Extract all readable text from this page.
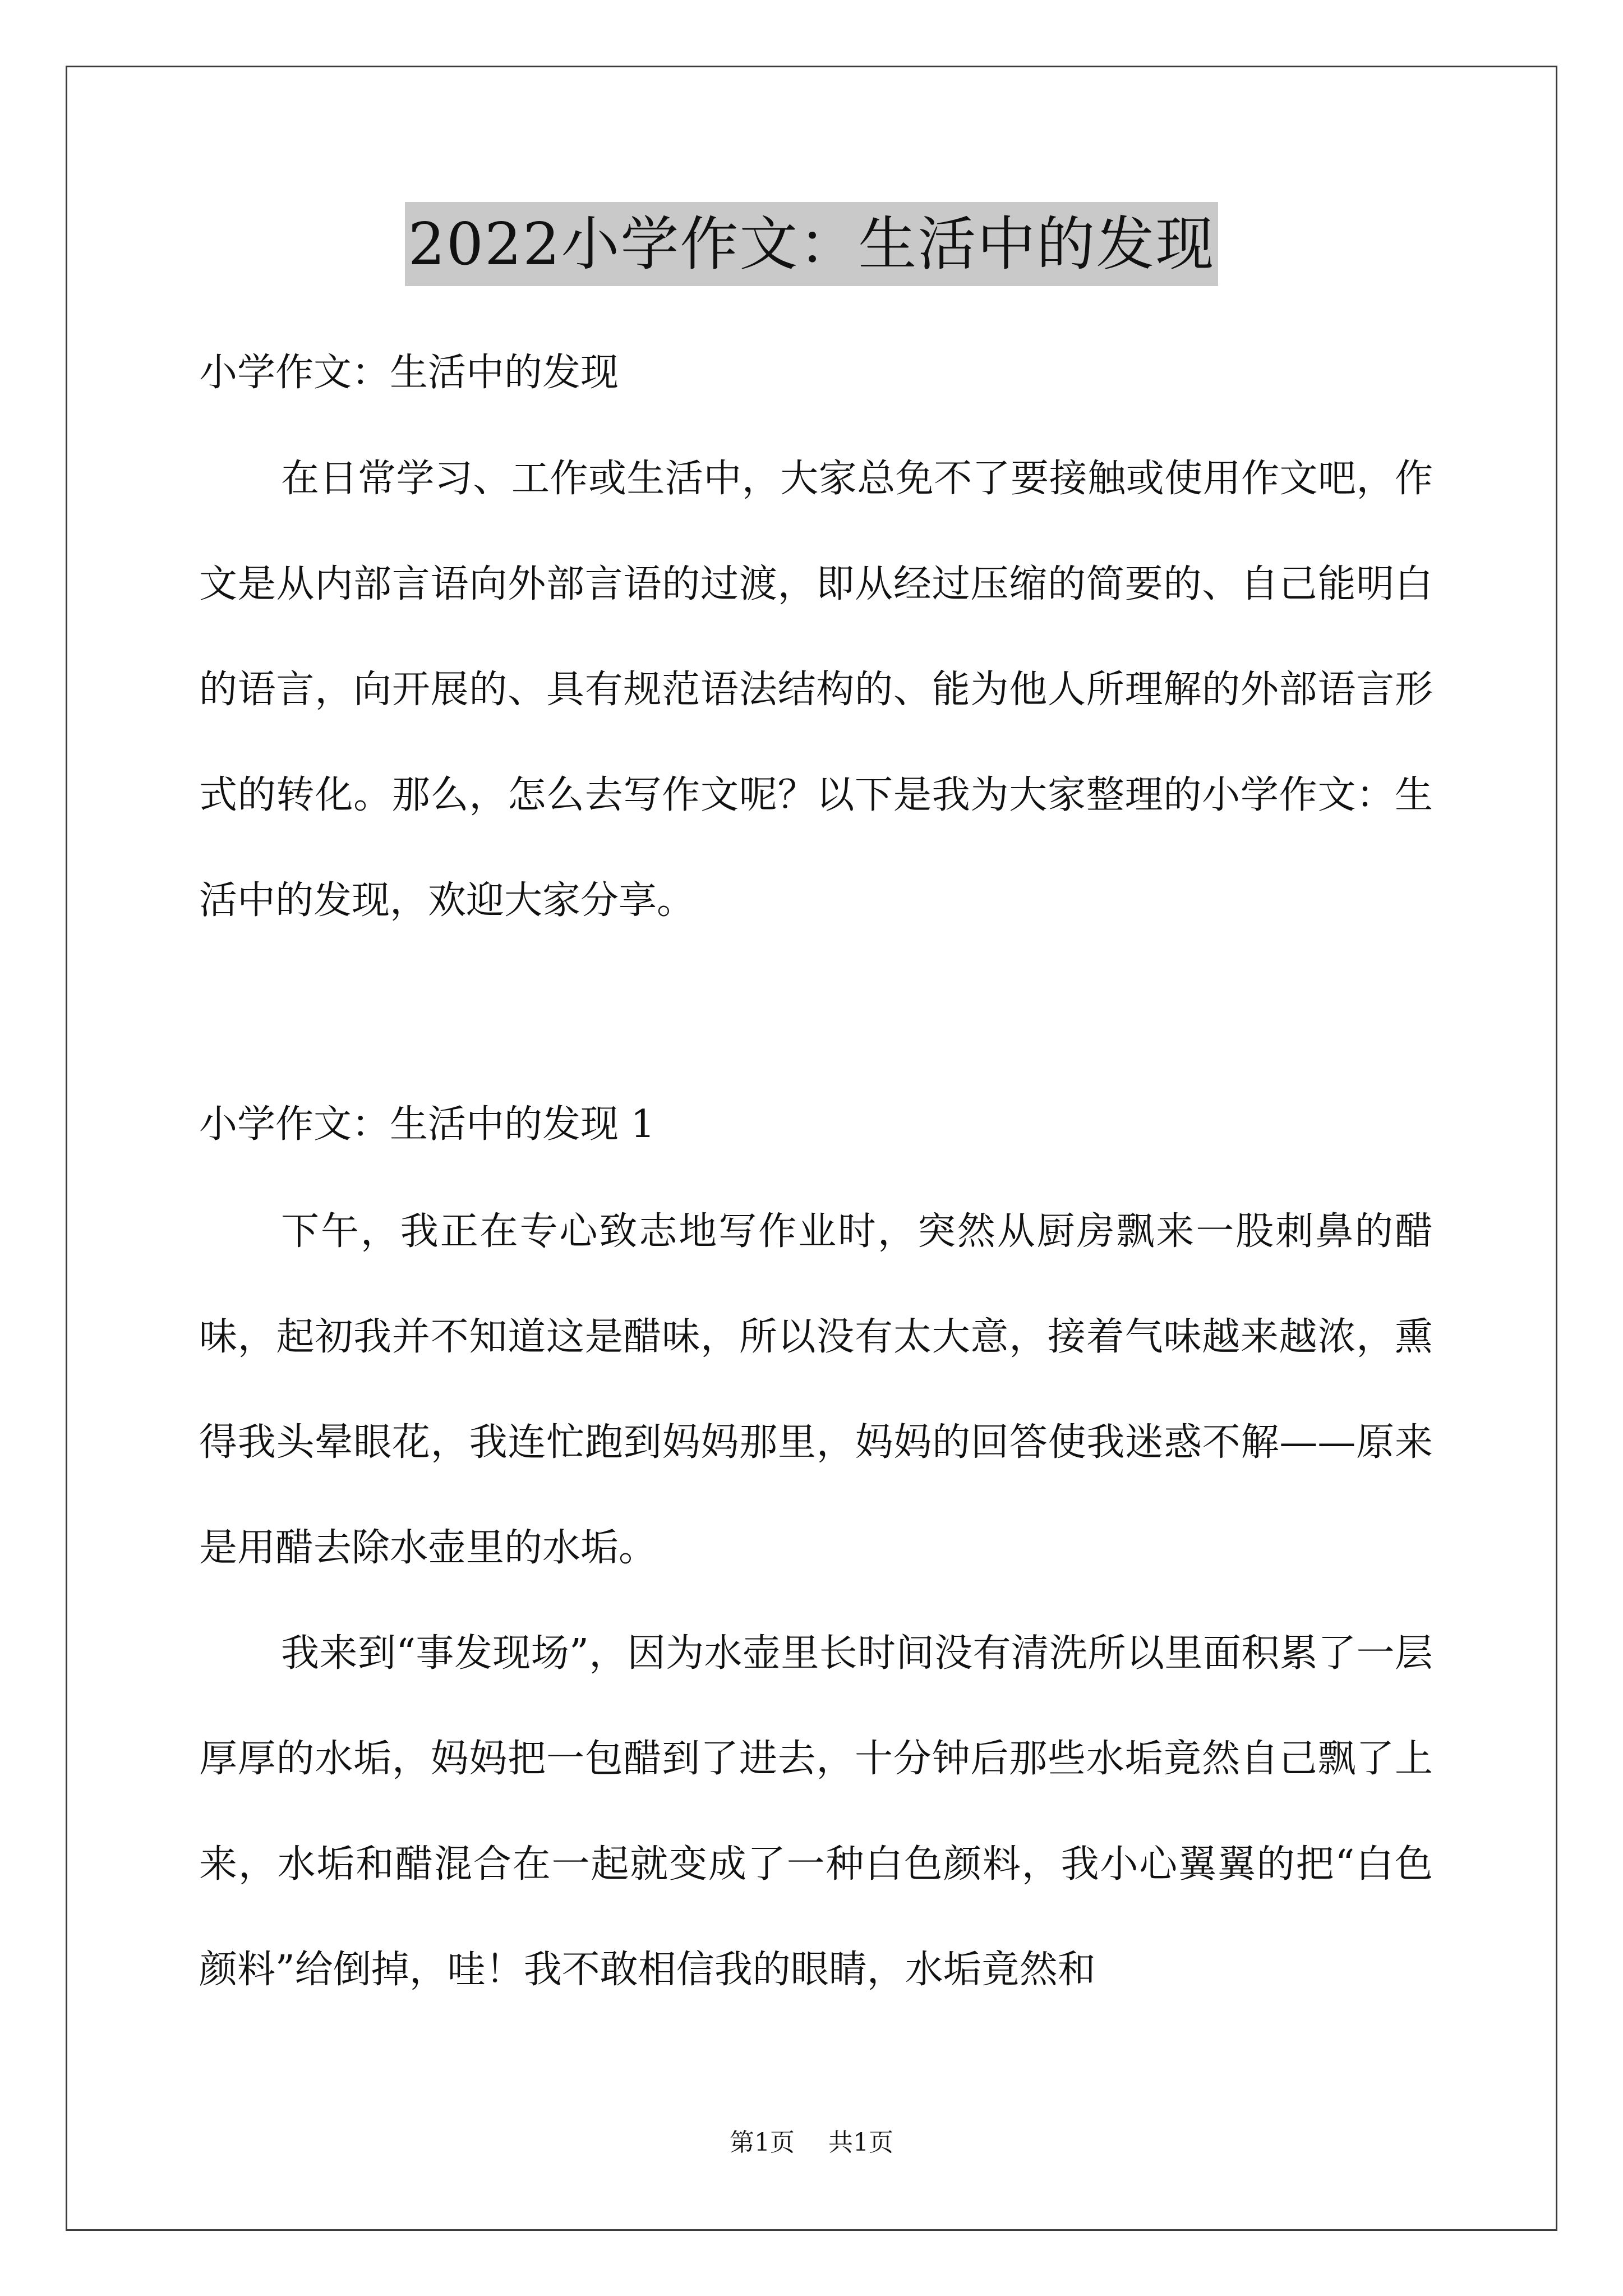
2022小学作文：生活中的发现

小学作文：生活中的发现

在日常学习、工作或生活中，大家总免不了要接触或使用作文吧，作文是从内部言语向外部言语的过渡，即从经过压缩的简要的、自己能明白的语言，向开展的、具有规范语法结构的、能为他人所理解的外部语言形式的转化。那么，怎么去写作文呢？以下是我为大家整理的小学作文：生活中的发现，欢迎大家分享。

小学作文：生活中的发现 1

下午，我正在专心致志地写作业时，突然从厨房飘来一股刺鼻的醋味，起初我并不知道这是醋味，所以没有太大意，接着气味越来越浓，熏得我头晕眼花，我连忙跑到妈妈那里，妈妈的回答使我迷惑不解——原来是用醋去除水壶里的水垢。

我来到“事发现场”，因为水壶里长时间没有清洗所以里面积累了一层厚厚的水垢，妈妈把一包醋到了进去，十分钟后那些水垢竟然自己飘了上来，水垢和醋混合在一起就变成了一种白色颜料，我小心翼翼的把“白色颜料”给倒掉，哇！我不敢相信我的眼睛，水垢竟然和

第1页 共1页
